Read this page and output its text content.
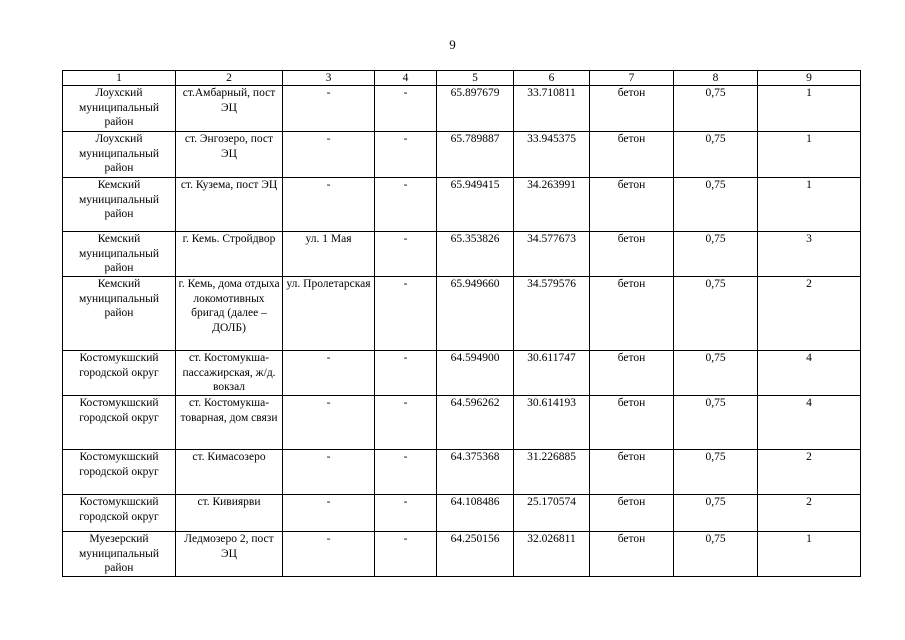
9
1	2	3	4	5	6	7	8	9

Лоухский муниципальный район	ст.Амбарный, пост ЭЦ	-	-	65.897679	33.710811	бетон	0,75	1

Лоухский муниципальный район	ст. Энгозеро, пост ЭЦ	-	-	65.789887	33.945375	бетон	0,75	1

Кемский муниципальный район	ст. Кузема, пост ЭЦ	-	-	65.949415	34.263991	бетон	0,75	1

Кемский муниципальный район	г. Кемь. Стройдвор	ул. 1 Мая	-	65.353826	34.577673	бетон	0,75	3

Кемский муниципальный район	г. Кемь, дома отдыха локомотивных бригад (далее – ДОЛБ)	ул. Пролетарская	-	65.949660	34.579576	бетон	0,75	2

Костомукшский городской округ	ст. Костомукша-пассажирская, ж/д. вокзал	-	-	64.594900	30.611747	бетон	0,75	4

Костомукшский городской округ	ст. Костомукша-товарная, дом связи	-	-	64.596262	30.614193	бетон	0,75	4

Костомукшский городской округ	ст. Кимасозеро	-	-	64.375368	31.226885	бетон	0,75	2

Костомукшский городской округ	ст. Кивиярви	-	-	64.108486	25.170574	бетон	0,75	2

Муезерский муниципальный район	Ледмозеро 2, пост ЭЦ	-	-	64.250156	32.026811	бетон	0,75	1
